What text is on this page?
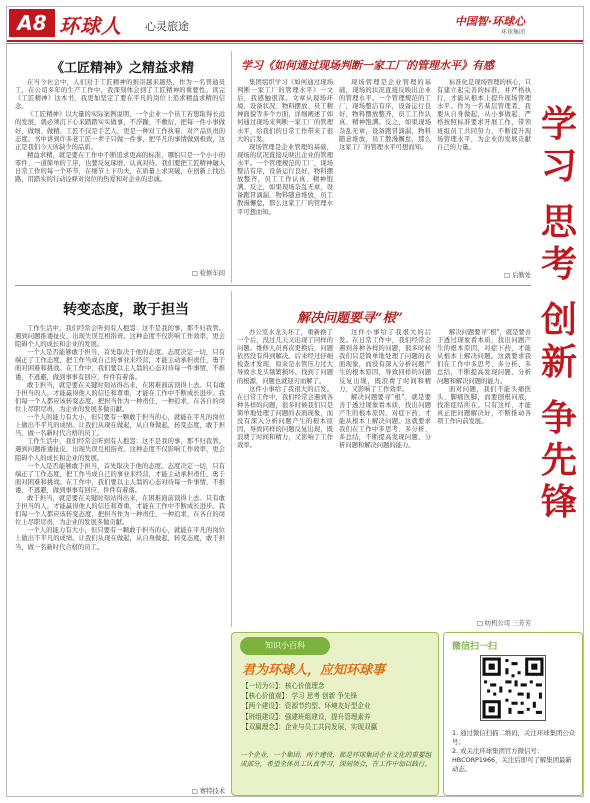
A8 环球人 心灵旅途	中国智·环球心
环球集团
《工匠精神》之精益求精

在当今社会中，人们对于工匠精神的推崇越来越热，作为一名普通员工，在公司多年的生产工作中，我深刻体会到了工匠精神的重要性。读完《工匠精神》这本书，我更加坚定了要在平凡的岗位上追求精益求精的信念。

《工匠精神》以大量的实际案例说明，一个企业一个员工若想取得长远的发展，就必须沉下心来踏踏实实做事，不浮躁、不敷衍，把每一件小事做好、做细、做精。工匠不仅是手艺人，更是一种对工作执着、对产品负责的态度。书中讲到许多老工匠一辈子只做一件事，把平凡的事情做到极致，这正是我们今天所缺少的品质。

精益求精，就是要在工作中不断追求更高的标准，哪怕只是一个小小的零件、一道简单的工序，也要反复琢磨、认真对待。我们要把工匠精神融入日常工作的每一个环节，在细节上下功夫，在质量上求突破，在创新上找出路，用踏实的行动诠释对岗位的热爱和对企业的忠诚。

□ 检修车间
学习《如何通过现场判断一家工厂的管理水平》有感

集团组织学习《如何通过现场判断一家工厂的管理水平》一文后，我感触很深。文章从现场环境、设备状况、物料摆放、员工精神面貌等多个方面，详细阐述了如何通过现场来判断一家工厂的管理水平，给我们的日常工作带来了很大的启发。

现场管理是企业管理的基础，现场的状况直接反映出企业的管理水平。一个管理规范的工厂，现场整洁有序，设备运行良好，物料摆放整齐，员工工作认真、精神饱满。反之，如果现场杂乱无章，设备跑冒滴漏，物料随意堆放，员工散漫懈怠，那么这家工厂的管理水平可想而知。

现场管理是企业管理的基础，现场的状况直接反映出企业的管理水平。一个管理规范的工厂，现场整洁有序，设备运行良好，物料摆放整齐，员工工作认真、精神饱满。反之，如果现场杂乱无章，设备跑冒滴漏，物料随意堆放，员工散漫懈怠，那么这家工厂的管理水平可想而知。

标准化是现场管理的核心，只有建立起完善的标准，并严格执行，才能从根本上提升现场管理水平。作为一名基层管理者，我要从自身做起，从小事做起，严格按照标准要求开展工作，带领班组员工共同努力，不断提升现场管理水平，为企业的发展贡献自己的力量。

□ 后勤处
转变态度，敢于担当

工作生活中，我们经常会听到有人抱怨：这不是我的事，那不归我管。遇到问题推诿扯皮，出现失误互相指责。这种态度不仅影响工作效率，更会阻碍个人的成长和企业的发展。

一个人是否能够敢于担当，首先取决于他的态度。态度决定一切，只有端正了工作态度，把工作当成自己的事业来经营，才能主动承担责任，勇于面对困难和挑战。在工作中，我们要以主人翁的心态对待每一件事情，不推诿、不逃避，做到事事有回应、件件有着落。

敢于担当，就是要在关键时刻站得出来，在困难面前顶得上去。只有敢于担当的人，才能赢得他人的信任和尊重，才能在工作中不断成长进步。我们每一个人都应该转变态度，把担当作为一种责任、一种追求，在各自的岗位上尽职尽责，为企业的发展多做贡献。

一个人的能力有大小，但只要有一颗敢于担当的心，就能在平凡的岗位上做出不平凡的成绩。让我们从现在做起，从自身做起，转变态度，敢于担当，做一名新时代合格的员工。

工作生活中，我们经常会听到有人抱怨：这不是我的事，那不归我管。遇到问题推诿扯皮，出现失误互相指责。这种态度不仅影响工作效率，更会阻碍个人的成长和企业的发展。

一个人是否能够敢于担当，首先取决于他的态度。态度决定一切，只有端正了工作态度，把工作当成自己的事业来经营，才能主动承担责任，勇于面对困难和挑战。在工作中，我们要以主人翁的心态对待每一件事情，不推诿、不逃避，做到事事有回应、件件有着落。

敢于担当，就是要在关键时刻站得出来，在困难面前顶得上去。只有敢于担当的人，才能赢得他人的信任和尊重，才能在工作中不断成长进步。我们每一个人都应该转变态度，把担当作为一种责任、一种追求，在各自的岗位上尽职尽责，为企业的发展多做贡献。

一个人的能力有大小，但只要有一颗敢于担当的心，就能在平凡的岗位上做出不平凡的成绩。让我们从现在做起，从自身做起，转变态度，敢于担当，做一名新时代合格的员工。

□ 赛特技术
解决问题要寻“根”

办公室水龙头坏了，重新换了一个后，没过几天又出现了同样的问题。维修人员再次更换后，问题依然没有得到解决。后来经过仔细检查才发现，原来是水管压力过大导致水龙头频繁损坏。找到了问题的根源，问题也就迎刃而解了。

这件小事给了我很大的启发。在日常工作中，我们经常会遇到各种各样的问题，很多时候我们只是简单地处理了问题的表面现象，而没有深入分析问题产生的根本原因，导致同样的问题反复出现，既浪费了时间和精力，又影响了工作效率。

这件小事给了我很大的启发。在日常工作中，我们经常会遇到各种各样的问题，很多时候我们只是简单地处理了问题的表面现象，而没有深入分析问题产生的根本原因，导致同样的问题反复出现，既浪费了时间和精力，又影响了工作效率。

解决问题要寻“根”，就是要善于透过现象看本质，找出问题产生的根本原因，对症下药，才能从根本上解决问题。这就要求我们在工作中多思考、多分析、多总结，不断提高发现问题、分析问题和解决问题的能力。

解决问题要寻“根”，就是要善于透过现象看本质，找出问题产生的根本原因，对症下药，才能从根本上解决问题。这就要求我们在工作中多思考、多分析、多总结，不断提高发现问题、分析问题和解决问题的能力。

面对问题，我们不能头痛医头、脚痛医脚，而要刨根问底，找准症结所在。只有这样，才能真正把问题解决好，不断推动各项工作向前发展。

□ 纺机公司 三芳芳
学
习
思
考
创
新
争
先
锋
知识小百科
君为环球人，应知环球事
【一切为公】：核心价值理念
【核心价值观】：学习 思考 创新 争先锋
【两个建设】：资源节约型、环境友好型企业
【班组建设】：强建班组建设，提升管理素养
【双赢理念】：企业与员工共同发展，实现双赢
一个企业、一个集团，两个建设，都是环球集团企业文化的重要组成部分，希望全体员工认真学习，深刻领会，在工作中加以践行。
微信扫一扫
1. 通过微信扫描二维码，关注环球集团公众号；
2. 或关注环球集团官方微信号：HBCORP1966，关注后即可了解集团最新动态。
